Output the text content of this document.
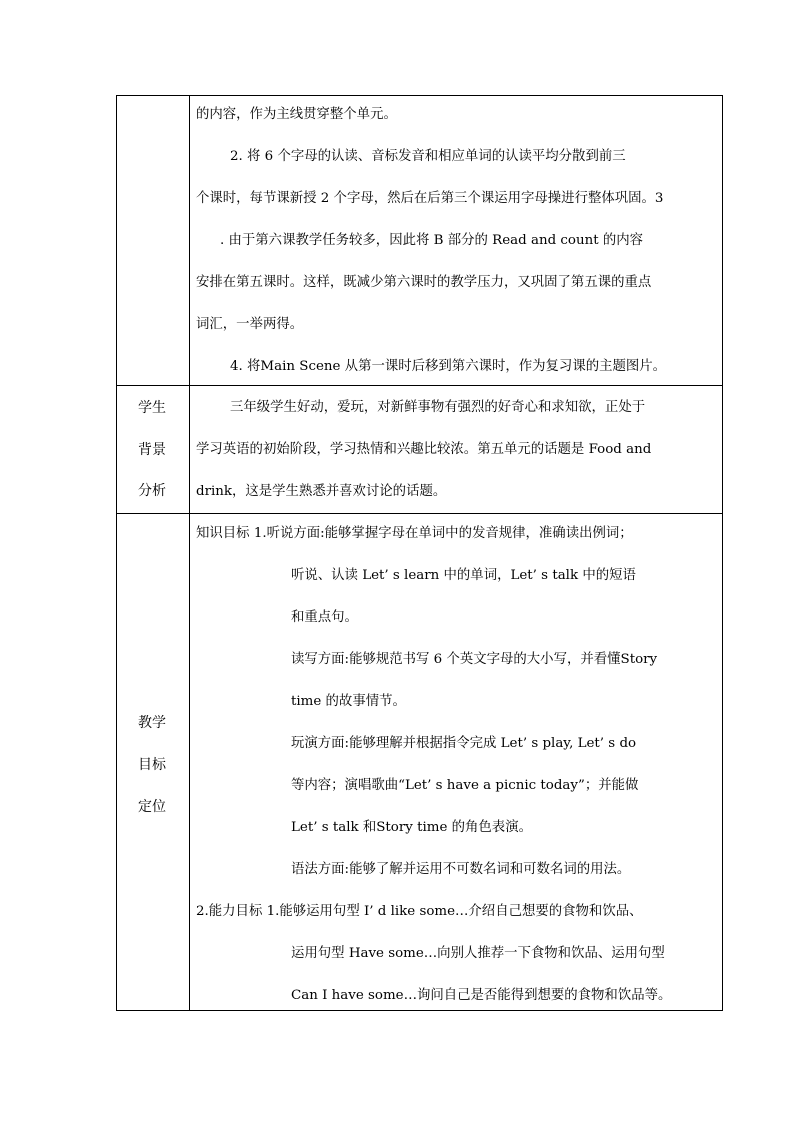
的内容，作为主线贯穿整个单元。
2. 将 6 个字母的认读、音标发音和相应单词的认读平均分散到前三
个课时，每节课新授 2 个字母，然后在后第三个课运用字母操进行整体巩固。3
. 由于第六课教学任务较多，因此将 B 部分的 Read and count 的内容
安排在第五课时。这样，既减少第六课时的教学压力，又巩固了第五课的重点
词汇，一举两得。
4. 将Main Scene 从第一课时后移到第六课时，作为复习课的主题图片。
学生
背景
分析
三年级学生好动，爱玩，对新鲜事物有强烈的好奇心和求知欲，正处于
学习英语的初始阶段，学习热情和兴趣比较浓。第五单元的话题是 Food and
drink，这是学生熟悉并喜欢讨论的话题。
教学
目标
定位
知识目标 1.听说方面:能够掌握字母在单词中的发音规律，准确读出例词；
听说、认读 Let’ s learn 中的单词，Let’ s talk 中的短语
和重点句。
读写方面:能够规范书写 6 个英文字母的大小写，并看懂Story
time 的故事情节。
玩演方面:能够理解并根据指令完成 Let’ s play, Let’ s do
等内容；演唱歌曲“Let’ s have a picnic today”；并能做
Let’ s talk 和Story time 的角色表演。
语法方面:能够了解并运用不可数名词和可数名词的用法。
2.能力目标 1.能够运用句型 I’ d like some…介绍自己想要的食物和饮品、
运用句型 Have some…向别人推荐一下食物和饮品、运用句型
Can I have some…询问自己是否能得到想要的食物和饮品等。
